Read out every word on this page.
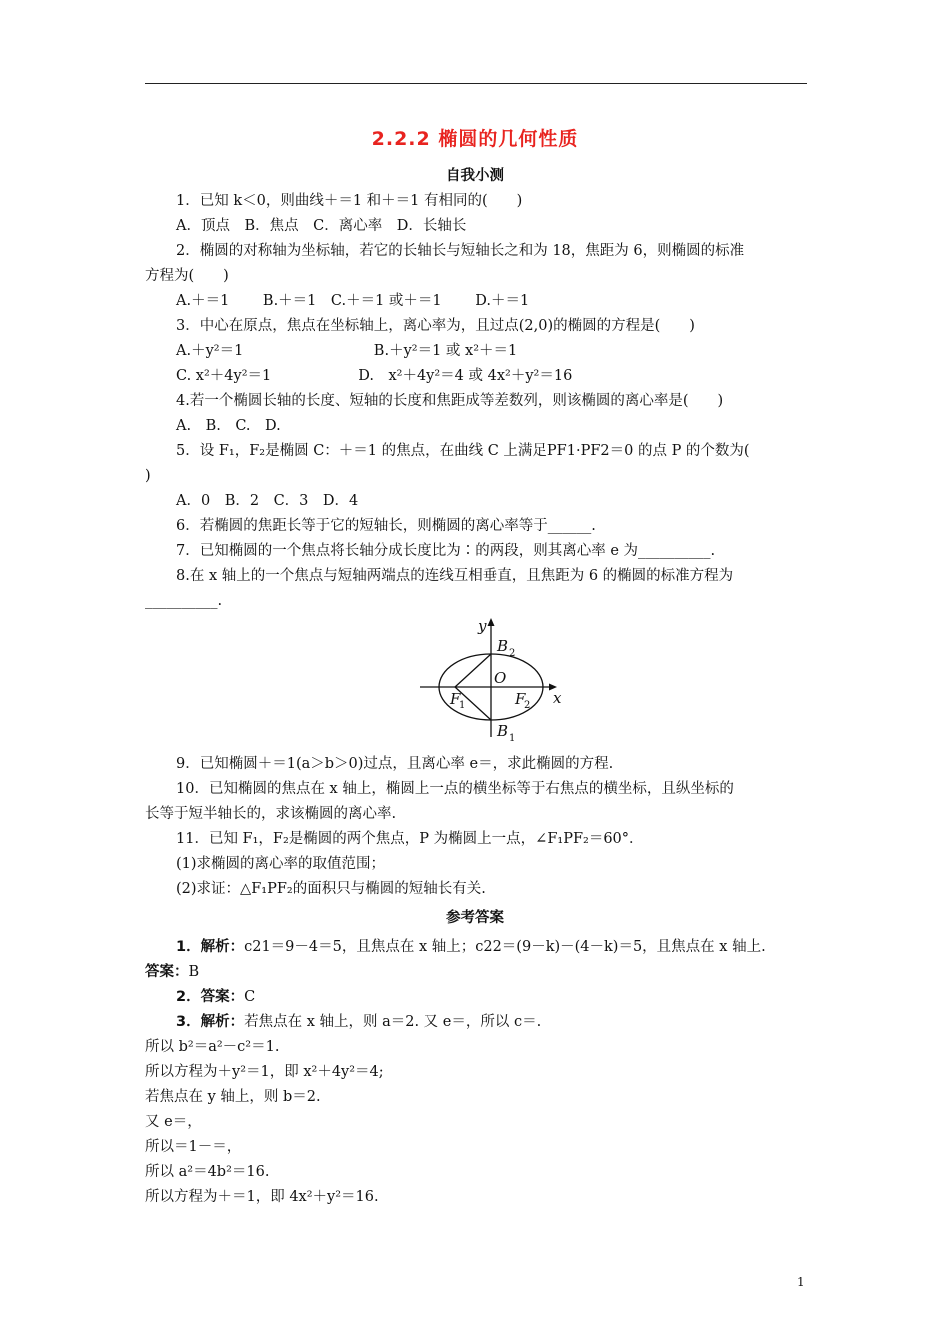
2.2.2 椭圆的几何性质
自我小测
1．已知 k＜0，则曲线＋＝1 和＋＝1 有相同的(　　)
A．顶点　B．焦点　C．离心率　D．长轴长
2．椭圆的对称轴为坐标轴，若它的长轴长与短轴长之和为 18，焦距为 6，则椭圆的标准
方程为(　　)
A.＋＝1　　 B.＋＝1　C.＋＝1 或＋＝1　　 D.＋＝1
3．中心在原点，焦点在坐标轴上，离心率为，且过点(2,0)的椭圆的方程是(　　)
A.＋y²＝1　　　　　　　　　B.＋y²＝1 或 x²＋＝1
C. x²＋4y²＝1　　　　　　D.　x²＋4y²＝4 或 4x²＋y²＝16
4.若一个椭圆长轴的长度、短轴的长度和焦距成等差数列，则该椭圆的离心率是(　　)
A.　B.　C.　D.
5．设 F₁，F₂是椭圆 C：＋＝1 的焦点，在曲线 C 上满足PF1·PF2＝0 的点 P 的个数为(
)
A．0　B．2　C．3　D．4
6．若椭圆的焦距长等于它的短轴长，则椭圆的离心率等于______.
7．已知椭圆的一个焦点将长轴分成长度比为∶的两段，则其离心率 e 为__________.
8.在 x 轴上的一个焦点与短轴两端点的连线互相垂直，且焦距为 6 的椭圆的标准方程为
__________.
y
x
O
B 2
B 1
F
1	F
2
9．已知椭圆＋＝1(a＞b＞0)过点，且离心率 e＝，求此椭圆的方程.
10．已知椭圆的焦点在 x 轴上，椭圆上一点的横坐标等于右焦点的横坐标，且纵坐标的
长等于短半轴长的，求该椭圆的离心率.
11．已知 F₁，F₂是椭圆的两个焦点，P 为椭圆上一点，∠F₁PF₂＝60°．
(1)求椭圆的离心率的取值范围；
(2)求证：△F₁PF₂的面积只与椭圆的短轴长有关.
参考答案
1．解析：c21＝9－4＝5，且焦点在 x 轴上；c22＝(9－k)－(4－k)＝5，且焦点在 x 轴上.
答案：B
2．答案：C
3．解析：若焦点在 x 轴上，则 a＝2. 又 e＝，所以 c＝.
所以 b²＝a²－c²＝1.
所以方程为＋y²＝1，即 x²＋4y²＝4;
若焦点在 y 轴上，则 b＝2.
又 e＝，
所以＝1－＝，
所以 a²＝4b²＝16.
所以方程为＋＝1，即 4x²＋y²＝16.
1
